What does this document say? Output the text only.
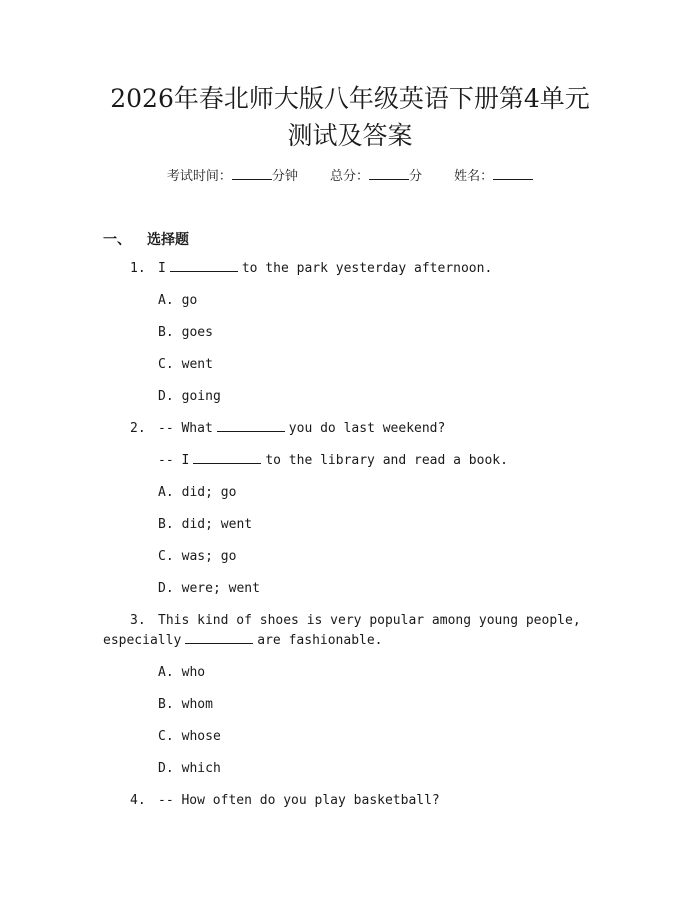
2026年春北师大版八年级英语下册第4单元
测试及答案
考试时间：	分钟 总分：	分 姓名：
一、 选择题
1. I	to the park yesterday afternoon.
A. go
B. goes
C. went
D. going
2. -- What	you do last weekend?
-- I	to the library and read a book.
A. did; go
B. did; went
C. was; go
D. were; went
3. This kind of shoes is very popular among young people,
especially	are fashionable.
A. who
B. whom
C. whose
D. which
4. -- How often do you play basketball?
